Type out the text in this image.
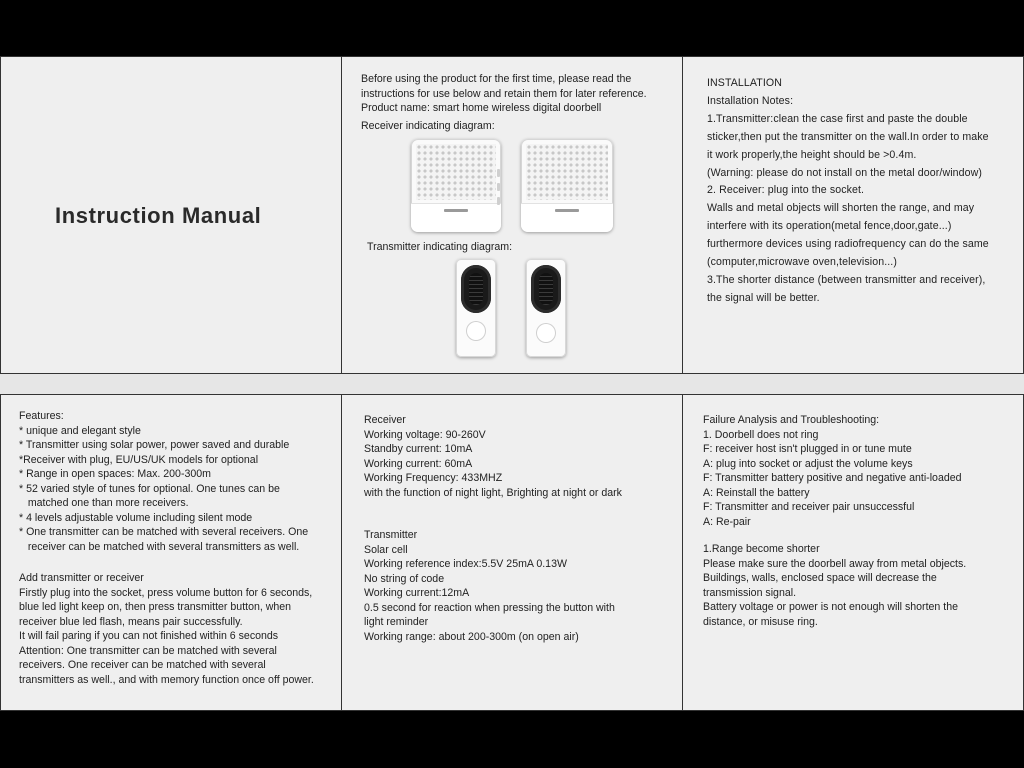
Instruction Manual
Before using the product for the first time, please read the
instructions for use below and retain them for later reference.
Product name: smart home wireless digital doorbell
Receiver indicating diagram:
Transmitter indicating diagram:
INSTALLATION
Installation Notes:
1.Transmitter:clean the case first and paste the double
sticker,then put the transmitter on the wall.In order to make
it work properly,the height should be >0.4m.
(Warning: please do not install on the metal door/window)
2. Receiver: plug into the socket.
Walls and metal objects will shorten the range, and may
interfere with its operation(metal fence,door,gate...)
furthermore devices using radiofrequency can do the same
(computer,microwave oven,television...)
3.The shorter distance (between transmitter and receiver),
the signal will be better.
Features:
* unique and elegant style
* Transmitter using solar power, power saved and durable
*Receiver with plug, EU/US/UK models for optional
* Range in open spaces: Max. 200-300m
* 52 varied style of tunes for optional. One tunes can be
matched one than more receivers.
* 4 levels adjustable volume including silent mode
* One transmitter can be matched with several receivers. One
receiver can be matched with several transmitters as well.
Add transmitter or receiver
Firstly plug into the socket, press volume button for 6 seconds,
blue led light keep on, then press transmitter button, when
receiver blue led flash, means pair successfully.
It will fail paring if you can not finished within 6 seconds
Attention: One transmitter can be matched with several
receivers. One receiver can be matched with several
transmitters as well., and with memory function once off power.
Receiver
Working voltage: 90-260V
Standby current: 10mA
Working current: 60mA
Working Frequency: 433MHZ
with the function of night light, Brighting at night or dark
Transmitter
Solar cell
Working reference index:5.5V 25mA 0.13W
No string of code
Working current:12mA
0.5 second for reaction when pressing the button with
light reminder
Working range: about 200-300m (on open air)
Failure Analysis and Troubleshooting:
1. Doorbell does not ring
F: receiver host isn't plugged in or tune mute
A: plug into socket or adjust the volume keys
F: Transmitter battery positive and negative anti-loaded
A: Reinstall the battery
F: Transmitter and receiver pair unsuccessful
A: Re-pair
1.Range become shorter
Please make sure the doorbell away from metal objects.
Buildings, walls, enclosed space will decrease the
transmission signal.
Battery voltage or power is not enough will shorten the
distance, or misuse ring.
